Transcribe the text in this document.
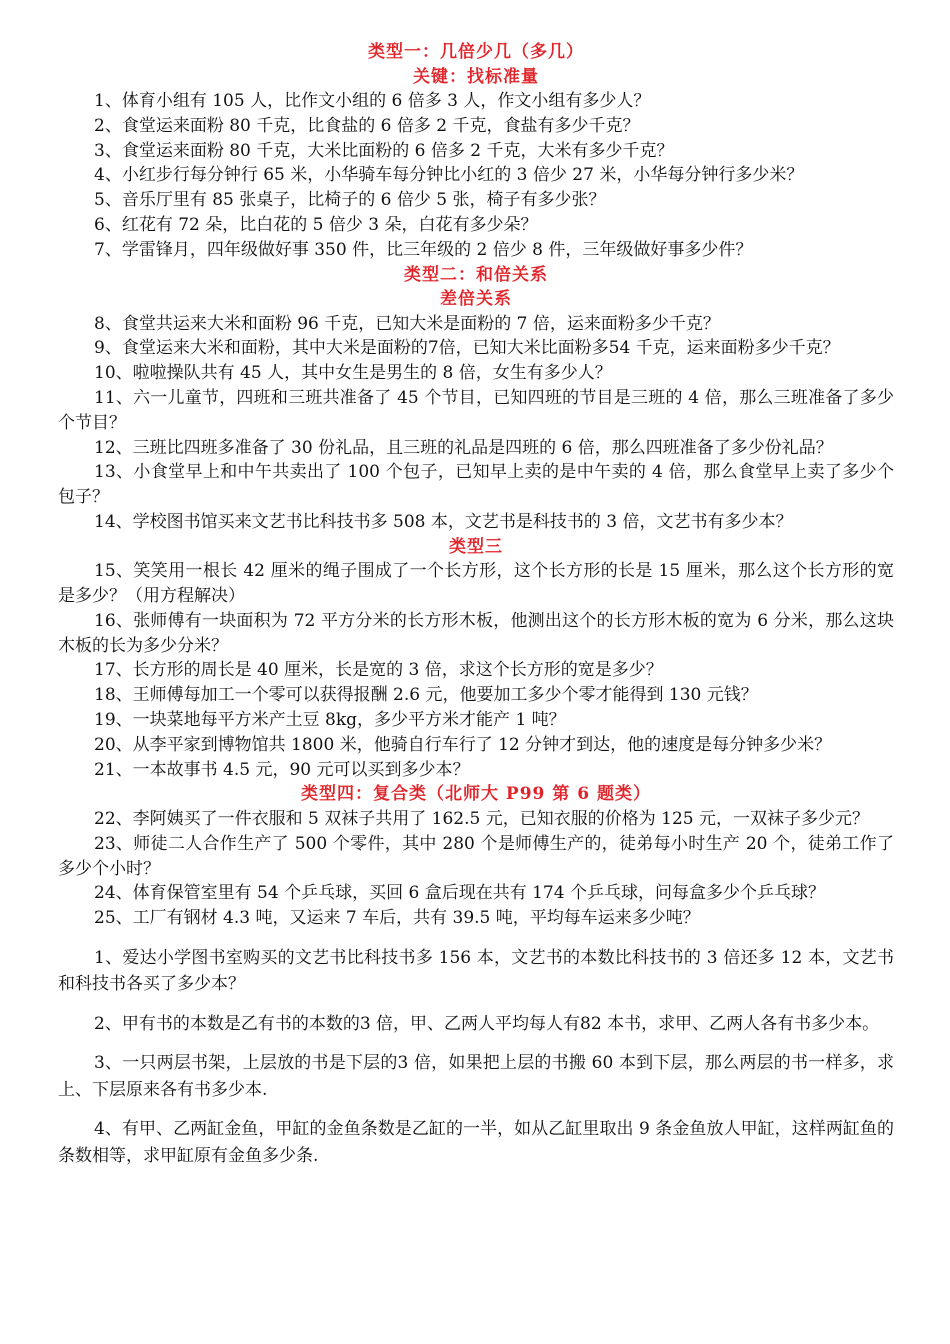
类型一：几倍少几（多几）

关键：找标准量

1、体育小组有 105 人，比作文小组的 6 倍多 3 人，作文小组有多少人？

2、食堂运来面粉 80 千克，比食盐的 6 倍多 2 千克，食盐有多少千克？

3、食堂运来面粉 80 千克，大米比面粉的 6 倍多 2 千克，大米有多少千克？

4、小红步行每分钟行 65 米，小华骑车每分钟比小红的 3 倍少 27 米，小华每分钟行多少米？

5、音乐厅里有 85 张桌子，比椅子的 6 倍少 5 张，椅子有多少张？

6、红花有 72 朵，比白花的 5 倍少 3 朵，白花有多少朵？

7、学雷锋月，四年级做好事 350 件，比三年级的 2 倍少 8 件，三年级做好事多少件？

类型二：和倍关系

差倍关系

8、食堂共运来大米和面粉 96 千克，已知大米是面粉的 7 倍，运来面粉多少千克？

9、食堂运来大米和面粉，其中大米是面粉的7倍，已知大米比面粉多54 千克，运来面粉多少千克？

10、啦啦操队共有 45 人，其中女生是男生的 8 倍，女生有多少人？

11、六一儿童节，四班和三班共准备了 45 个节目，已知四班的节目是三班的 4 倍，那么三班准备了多少个节目？

12、三班比四班多准备了 30 份礼品，且三班的礼品是四班的 6 倍，那么四班准备了多少份礼品？

13、小食堂早上和中午共卖出了 100 个包子，已知早上卖的是中午卖的 4 倍，那么食堂早上卖了多少个包子？

14、学校图书馆买来文艺书比科技书多 508 本，文艺书是科技书的 3 倍，文艺书有多少本？

类型三

15、笑笑用一根长 42 厘米的绳子围成了一个长方形，这个长方形的长是 15 厘米，那么这个长方形的宽是多少？（用方程解决）

16、张师傅有一块面积为 72 平方分米的长方形木板，他测出这个的长方形木板的宽为 6 分米，那么这块木板的长为多少分米？

17、长方形的周长是 40 厘米，长是宽的 3 倍，求这个长方形的宽是多少？

18、王师傅每加工一个零可以获得报酬 2.6 元，他要加工多少个零才能得到 130 元钱？

19、一块菜地每平方米产土豆 8kg，多少平方米才能产 1 吨？

20、从李平家到博物馆共 1800 米，他骑自行车行了 12 分钟才到达，他的速度是每分钟多少米？

21、一本故事书 4.5 元，90 元可以买到多少本？

类型四：复合类（北师大 P99 第 6 题类）

22、李阿姨买了一件衣服和 5 双袜子共用了 162.5 元，已知衣服的价格为 125 元，一双袜子多少元？

23、师徒二人合作生产了 500 个零件，其中 280 个是师傅生产的，徒弟每小时生产 20 个，徒弟工作了多少个小时？

24、体育保管室里有 54 个乒乓球，买回 6 盒后现在共有 174 个乒乓球，问每盒多少个乒乓球？

25、工厂有钢材 4.3 吨，又运来 7 车后，共有 39.5 吨，平均每车运来多少吨？

1、爱达小学图书室购买的文艺书比科技书多 156 本，文艺书的本数比科技书的 3 倍还多 12 本，文艺书和科技书各买了多少本？

2、甲有书的本数是乙有书的本数的3 倍，甲、乙两人平均每人有82 本书，求甲、乙两人各有书多少本。

3、一只两层书架，上层放的书是下层的3 倍，如果把上层的书搬 60 本到下层，那么两层的书一样多，求上、下层原来各有书多少本.

4、有甲、乙两缸金鱼，甲缸的金鱼条数是乙缸的一半，如从乙缸里取出 9 条金鱼放人甲缸，这样两缸鱼的条数相等，求甲缸原有金鱼多少条.
